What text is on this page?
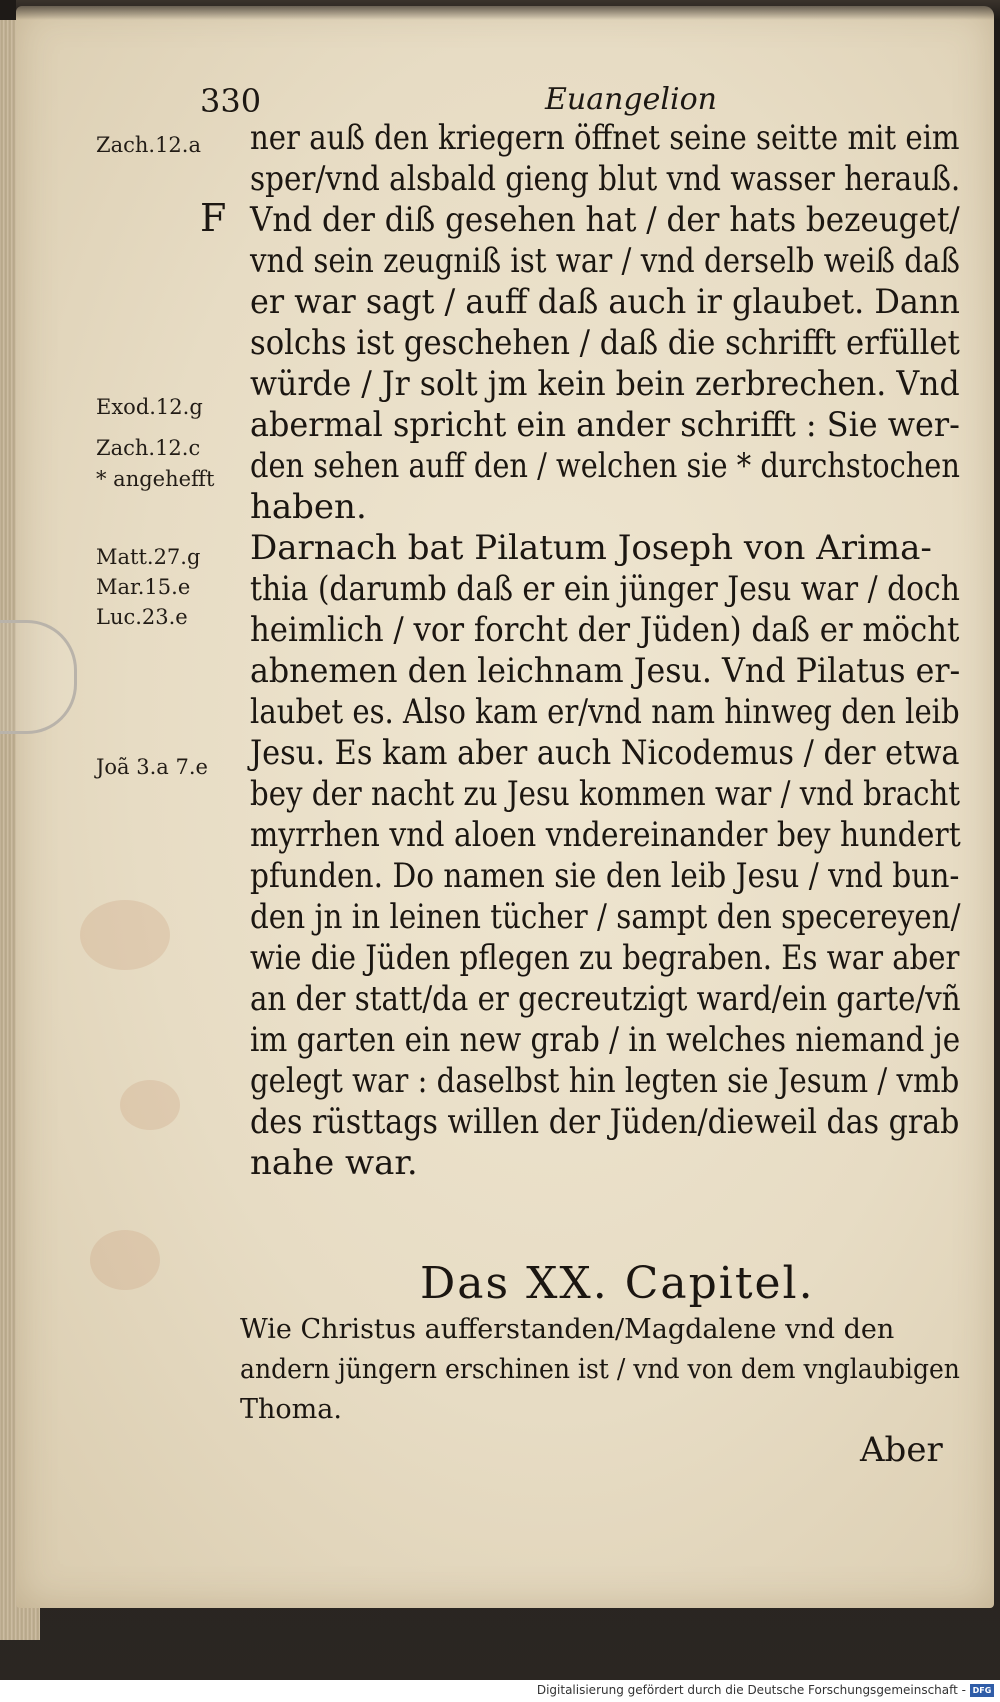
330	Euangelion
Zach.12.a
Exod.12.g
Zach.12.c
* angehefft
Matt.27.g
Mar.15.e
Luc.23.e
Joã 3.a 7.e
F
ner auß den kriegern öffnet seine seitte mit eim
sper/vnd alsbald gieng blut vnd wasser herauß.
Vnd der diß gesehen hat / der hats bezeuget/
vnd sein zeugniß ist war / vnd derselb weiß daß
er war sagt / auff daß auch ir glaubet. Dann
solchs ist geschehen / daß die schrifft erfüllet
würde / Jr solt jm kein bein zerbrechen. Vnd
abermal spricht ein ander schrifft : Sie wer-
den sehen auff den / welchen sie * durchstochen
haben.
Darnach bat Pilatum Joseph von Arima-
thia (darumb daß er ein jünger Jesu war / doch
heimlich / vor forcht der Jüden) daß er möcht
abnemen den leichnam Jesu. Vnd Pilatus er-
laubet es. Also kam er/vnd nam hinweg den leib
Jesu. Es kam aber auch Nicodemus / der etwa
bey der nacht zu Jesu kommen war / vnd bracht
myrrhen vnd aloen vndereinander bey hundert
pfunden. Do namen sie den leib Jesu / vnd bun-
den jn in leinen tücher / sampt den specereyen/
wie die Jüden pflegen zu begraben. Es war aber
an der statt/da er gecreutzigt ward/ein garte/vñ
im garten ein new grab / in welches niemand je
gelegt war : daselbst hin legten sie Jesum / vmb
des rüsttags willen der Jüden/dieweil das grab
nahe war.
Das XX. Capitel.
Wie Christus aufferstanden/Magdalene vnd den
andern jüngern erschinen ist / vnd von dem vnglaubigen
Thoma.
Aber
Digitalisierung gefördert durch die Deutsche Forschungsgemeinschaft - DFG
